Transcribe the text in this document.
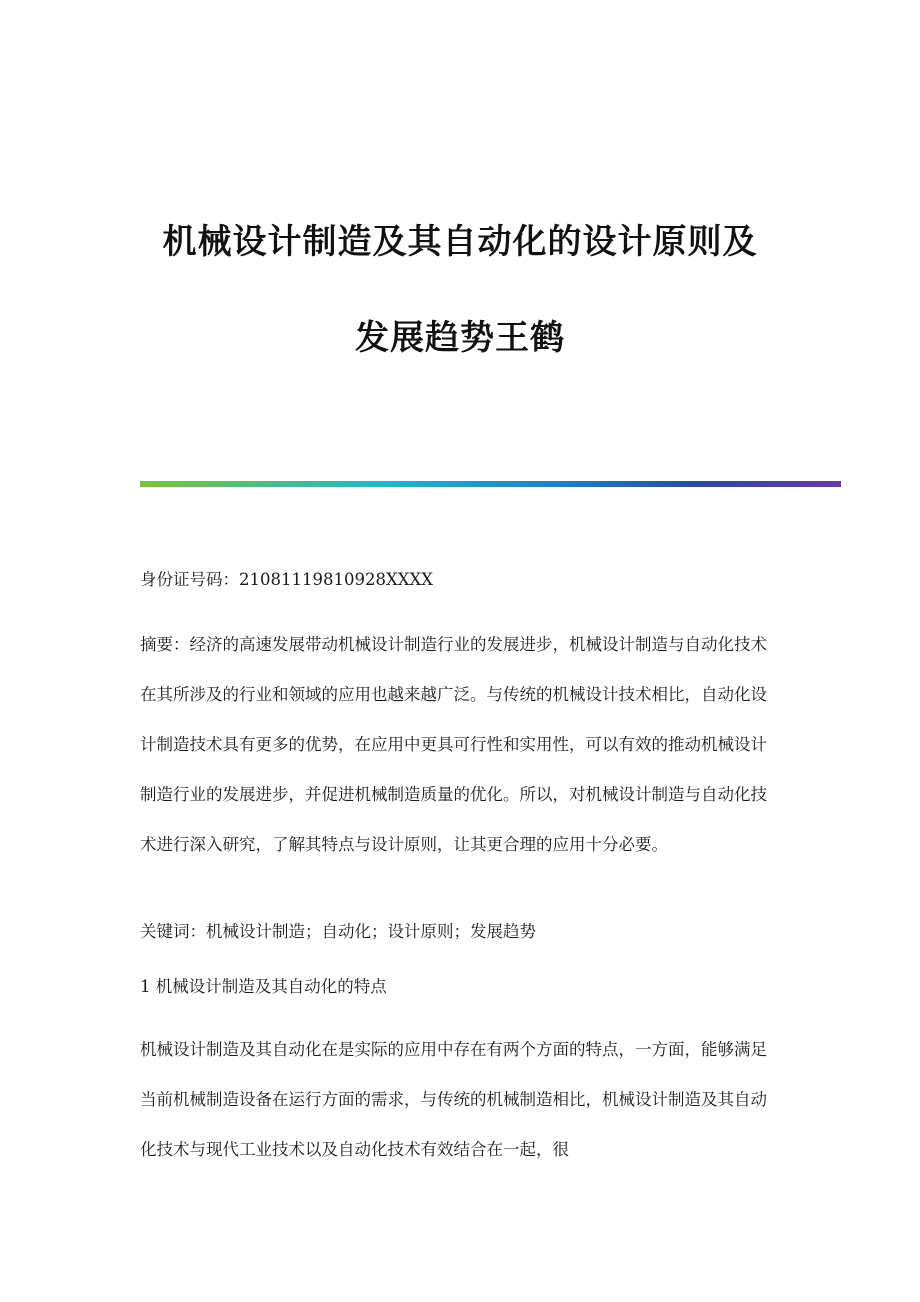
机械设计制造及其自动化的设计原则及
发展趋势王鹤

身份证号码：21081119810928XXXX

摘要：经济的高速发展带动机械设计制造行业的发展进步，机械设计制造与自动化技术在其所涉及的行业和领域的应用也越来越广泛。与传统的机械设计技术相比，自动化设计制造技术具有更多的优势，在应用中更具可行性和实用性，可以有效的推动机械设计制造行业的发展进步，并促进机械制造质量的优化。所以，对机械设计制造与自动化技术进行深入研究，了解其特点与设计原则，让其更合理的应用十分必要。

关键词：机械设计制造；自动化；设计原则；发展趋势

1 机械设计制造及其自动化的特点

机械设计制造及其自动化在是实际的应用中存在有两个方面的特点，一方面，能够满足当前机械制造设备在运行方面的需求，与传统的机械制造相比，机械设计制造及其自动化技术与现代工业技术以及自动化技术有效结合在一起，很
